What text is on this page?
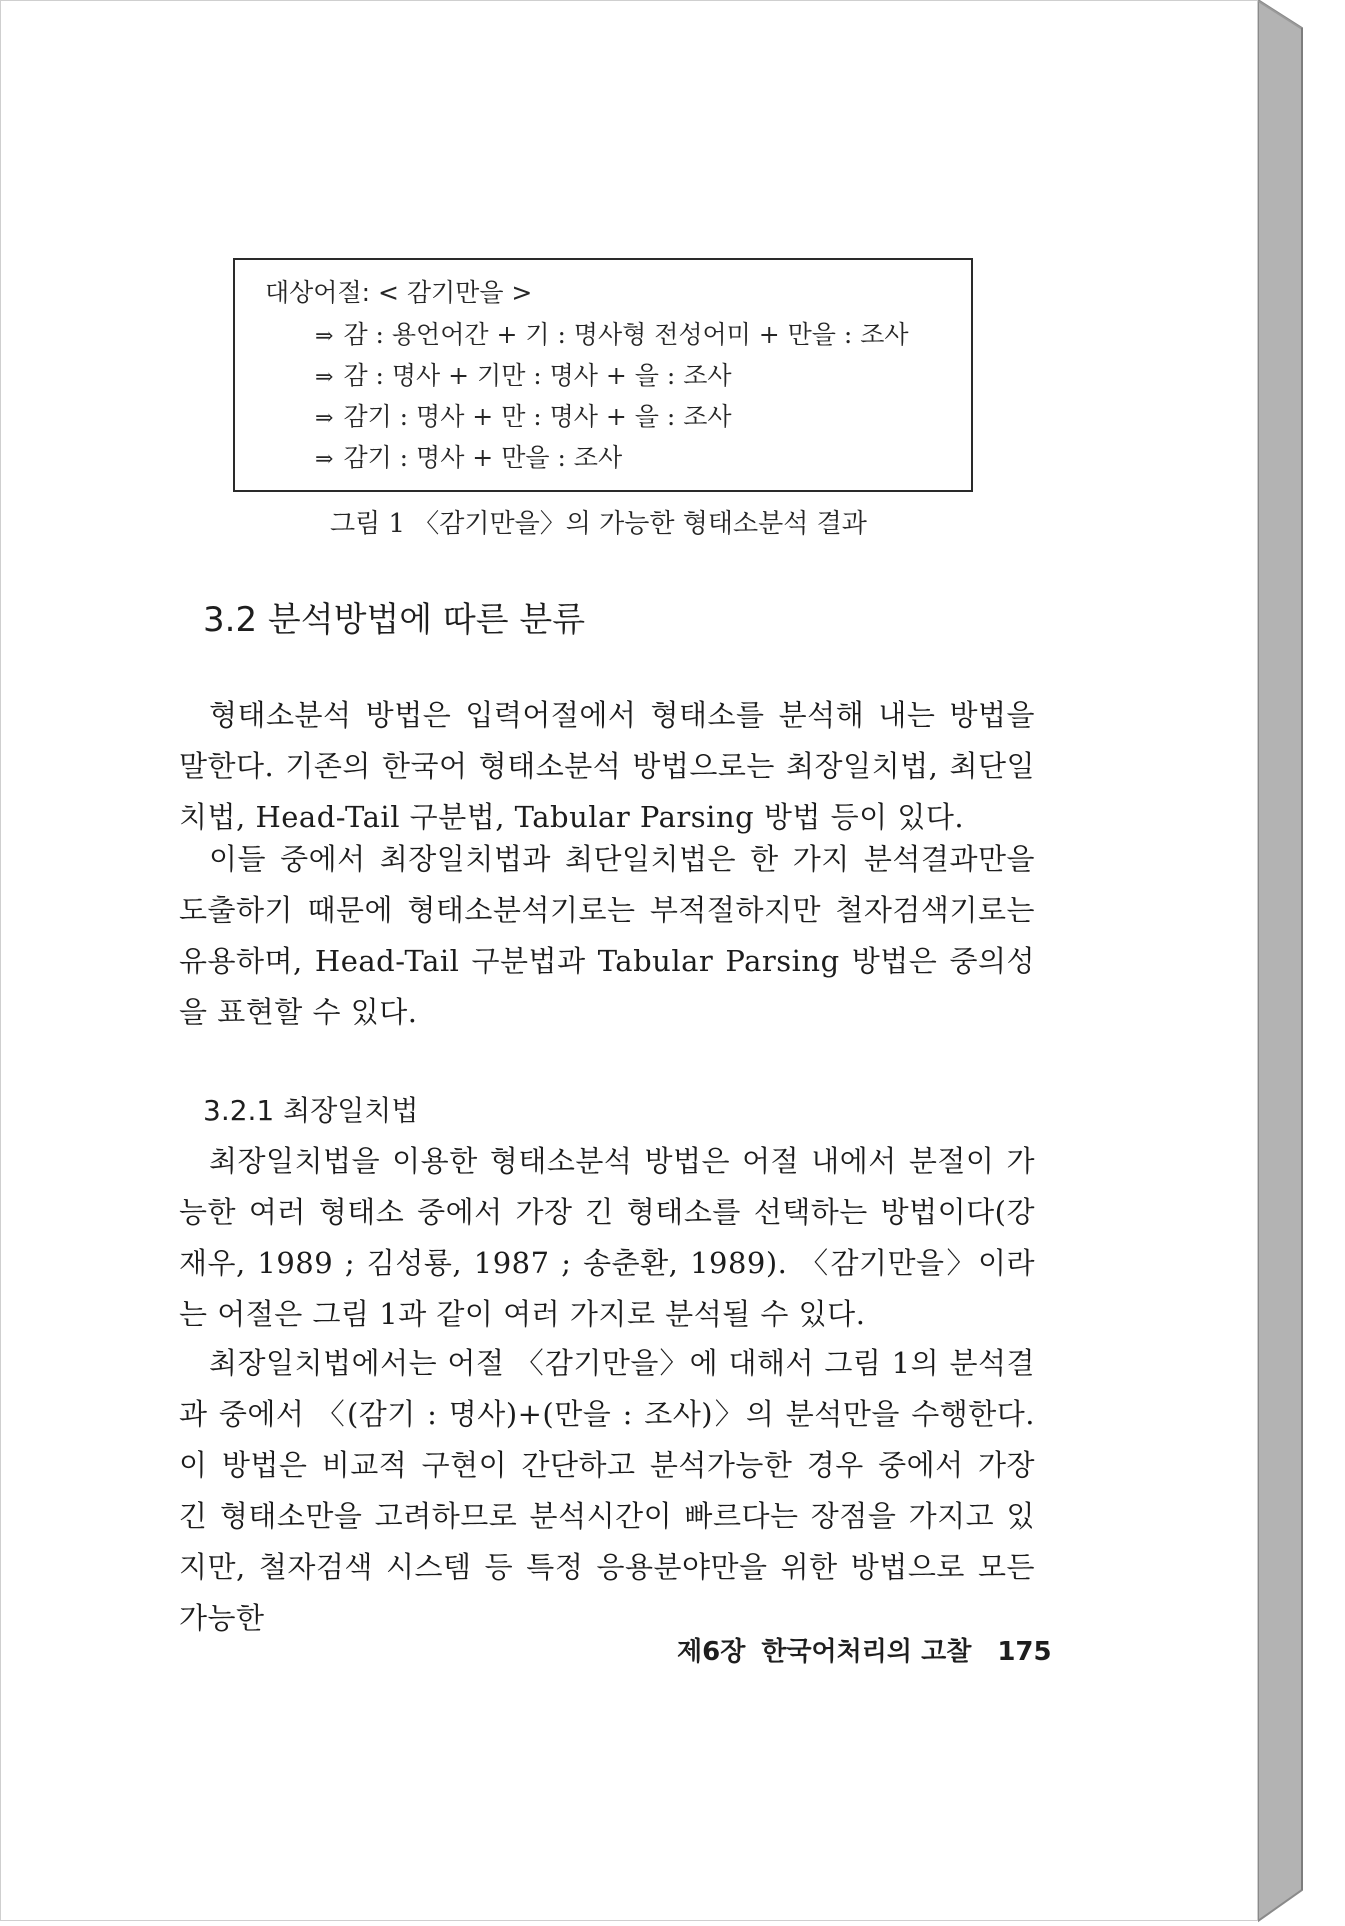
대상어절: < 감기만을 >
⇒ 감 : 용언어간 + 기 : 명사형 전성어미 + 만을 : 조사
⇒ 감 : 명사 + 기만 : 명사 + 을 : 조사
⇒ 감기 : 명사 + 만 : 명사 + 을 : 조사
⇒ 감기 : 명사 + 만을 : 조사
그림 1 〈감기만을〉의 가능한 형태소분석 결과
3.2 분석방법에 따른 분류
형태소분석 방법은 입력어절에서 형태소를 분석해 내는 방법을 말한다. 기존의 한국어 형태소분석 방법으로는 최장일치법, 최단일치법, Head-Tail 구분법, Tabular Parsing 방법 등이 있다.
이들 중에서 최장일치법과 최단일치법은 한 가지 분석결과만을 도출하기 때문에 형태소분석기로는 부적절하지만 철자검색기로는 유용하며, Head-Tail 구분법과 Tabular Parsing 방법은 중의성을 표현할 수 있다.
3.2.1 최장일치법
최장일치법을 이용한 형태소분석 방법은 어절 내에서 분절이 가능한 여러 형태소 중에서 가장 긴 형태소를 선택하는 방법이다(강재우, 1989 ; 김성룡, 1987 ; 송춘환, 1989). 〈감기만을〉이라는 어절은 그림 1과 같이 여러 가지로 분석될 수 있다.
최장일치법에서는 어절 〈감기만을〉에 대해서 그림 1의 분석결과 중에서 〈(감기 : 명사)+(만을 : 조사)〉의 분석만을 수행한다. 이 방법은 비교적 구현이 간단하고 분석가능한 경우 중에서 가장 긴 형태소만을 고려하므로 분석시간이 빠르다는 장점을 가지고 있지만, 철자검색 시스템 등 특정 응용분야만을 위한 방법으로 모든 가능한
제6장 한국어처리의 고찰 175
